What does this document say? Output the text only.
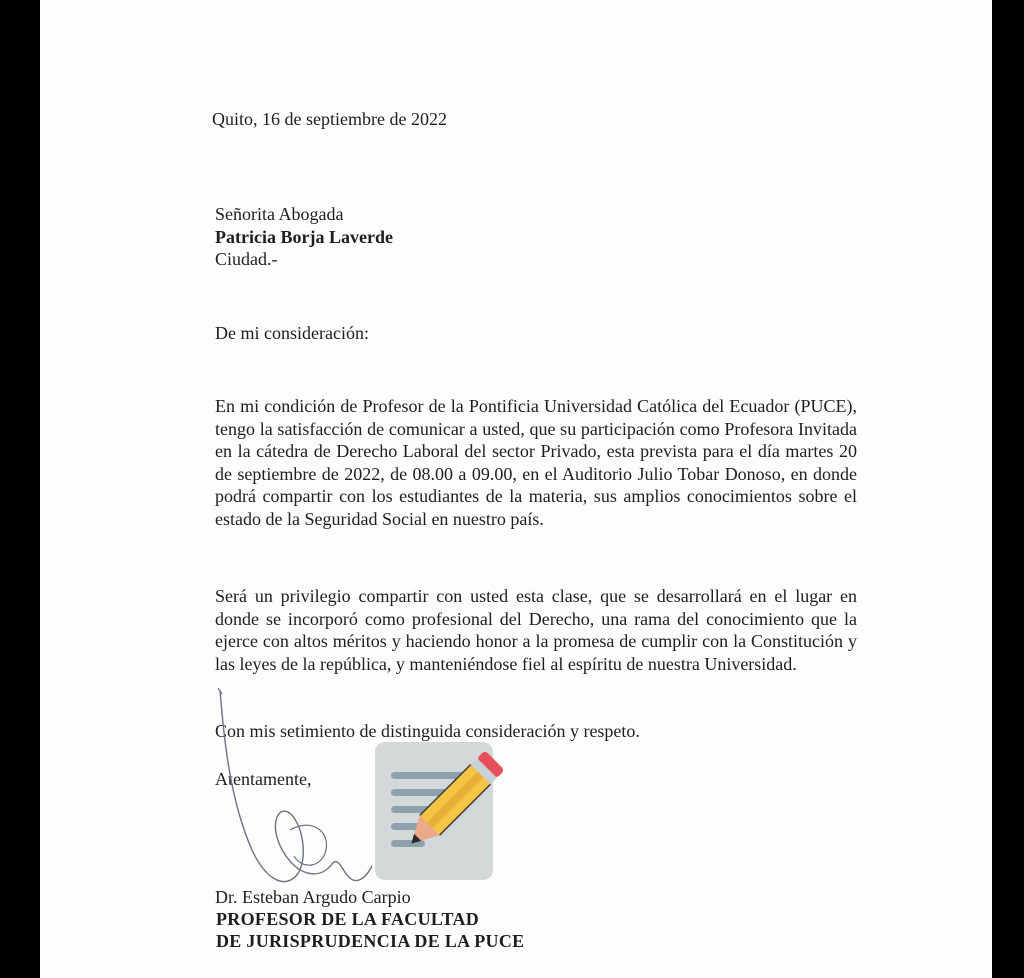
Quito, 16 de septiembre de 2022
Señorita Abogada
Patricia Borja Laverde
Ciudad.-
De mi consideración:
En mi condición de Profesor de la Pontificia Universidad Católica del Ecuador (PUCE), tengo la satisfacción de comunicar a usted, que su participación como Profesora Invitada en la cátedra de Derecho Laboral del sector Privado, esta prevista para el día martes 20 de septiembre de 2022, de 08.00 a 09.00, en el Auditorio Julio Tobar Donoso, en donde podrá compartir con los estudiantes de la materia, sus amplios conocimientos sobre el estado de la Seguridad Social en nuestro país.
Será un privilegio compartir con usted esta clase, que se desarrollará en el lugar en donde se incorporó como profesional del Derecho, una rama del conocimiento que la ejerce con altos méritos y haciendo honor a la promesa de cumplir con la Constitución y las leyes de la república, y manteniéndose fiel al espíritu de nuestra Universidad.
Con mis setimiento de distinguida consideración y respeto.
Atentamente,
Dr. Esteban Argudo Carpio
PROFESOR DE LA FACULTAD
DE JURISPRUDENCIA DE LA PUCE
